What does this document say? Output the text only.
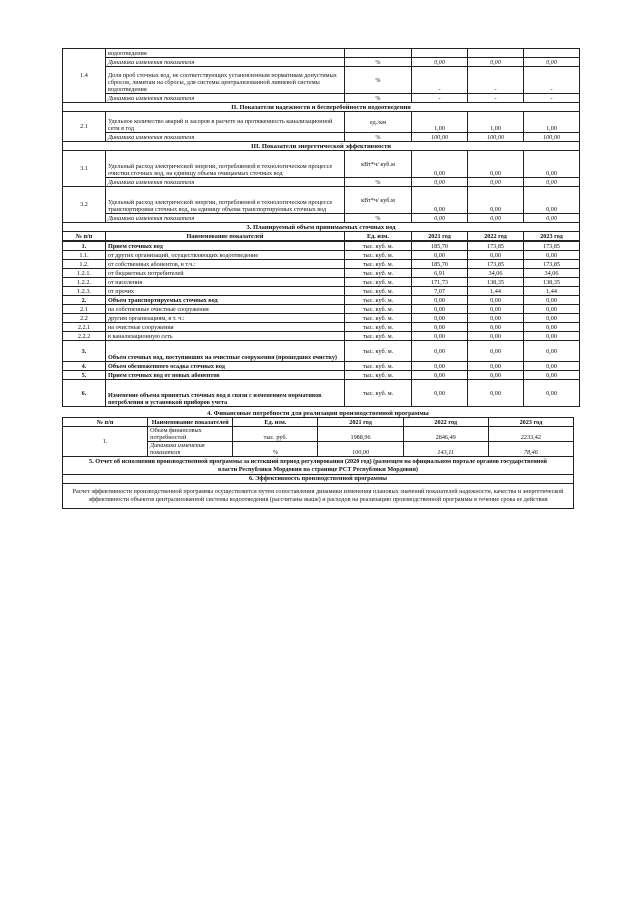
1.4	водоотведения				
	Динамика изменения показателя	%	0,00	0,00	0,00
	Доля проб сточных вод, не соответствующих установленным нормативам допустимых сбросов, лимитам на сбросы, для системы централизованной ливневой системы водоотведения	%	-	-	-
	Динамика изменения показателя	%	-	-	-
II. Показатели надежности и бесперебойности водоотведения					
2.1	Удельное количество аварий и засоров в расчете на протяженность канализационной сети в год	ед./км	1,00	1,00	1,00
	Динамика изменения показателя	%	100,00	100,00	100,00
III. Показатели энергетической эффективности					
3.1	Удельный расход электрической энергии, потребляемой в технологическом процессе очистки сточных вод, на единицу объема очищаемых сточных вод	кВт*ч/ куб.м	0,00	0,00	0,00
	Динамика изменения показателя	%	0,00	0,00	0,00
3.2	Удельный расход электрической энергии, потребляемой в технологическом процессе транспортировки сточных вод, на единицу объема транспортируемых сточных вод	кВт*ч/ куб.м	0,00	0,00	0,00
	Динамика изменения показателя	%	0,00	0,00	0,00
3. Планируемый объем принимаемых сточных вод					
№ п/п	Наименование показателей	Ед. изм.	2021 год	2022 год	2023 год
1.	Прием сточных вод	тыс. куб. м.	185,70	173,85	173,85
1.1.	от других организаций, осуществляющих водоотведение	тыс. куб. м.	0,00	0,00	0,00
1.2.	от собственных абонентов, в т.ч.:	тыс. куб. м.	185,70	173,85	173,85
1.2.1.	от бюджетных потребителей	тыс. куб. м.	6,91	34,06	34,06
1.2.2.	от населения	тыс. куб. м.	171,73	138,35	138,35
1.2.3.	от прочих	тыс. куб. м.	7,07	1,44	1,44
2.	Объем транспортируемых сточных вод	тыс. куб. м.	0,00	0,00	0,00
2.1	на собственные очистные сооружения	тыс. куб. м.	0,00	0,00	0,00
2.2	другим организациям, в т. ч.:	тыс. куб. м.	0,00	0,00	0,00
2.2.1	на очистные сооружения	тыс. куб. м.	0,00	0,00	0,00
2.2.2	в канализационную сеть	тыс. куб. м.	0,00	0,00	0,00
3.	Объем сточных вод, поступивших на очистные сооружения (прошедших очистку)	тыс. куб. м.	0,00	0,00	0,00
4.	Объем обезвоженного осадка сточных вод	тыс. куб. м.	0,00	0,00	0,00
5.	Прием сточных вод от новых абонентов	тыс. куб. м.	0,00	0,00	0,00
6.	Изменение объема принятых сточных вод в связи с изменением нормативов потребления и установкой приборов учета	тыс. куб. м.	0,00	0,00	0,00
4. Финансовые потребности для реализации производственной программы					
№ п/п	Наименование показателей	Ед. изм.	2021 год	2022 год	2023 год
1.	Объем финансовых потребностей	тыс. руб.	1988,96	2846,49	2233,42
	Динамика изменения показателя	%	100,00	143,11	78,46
5. Отчет об исполнении производственной программы за истекший период регулирования (2020 год) (размещен на официальном портале органов государственной власти Республики Мордовия на странице РСТ Республики Мордовия)					
6. Эффективность производственной программы					
Расчет эффективности производственной программы осуществляется путем сопоставления динамики изменения плановых значений показателей надежности, качества и энергетической эффективности объектов централизованной системы водоотведения (рассчитаны выше) и расходов на реализацию производственной программы в течение срока ее действия					
